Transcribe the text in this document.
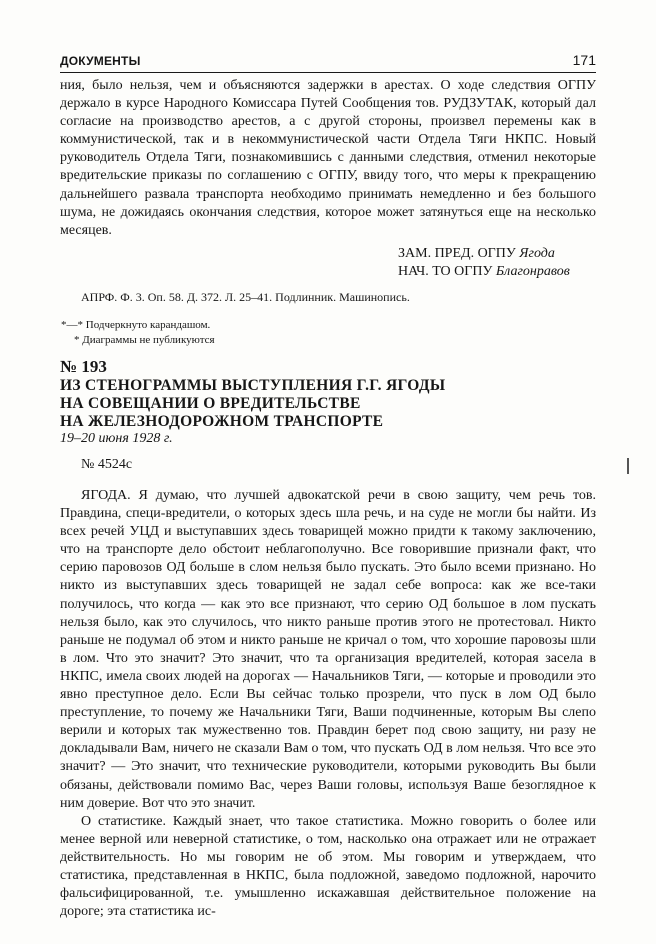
ДОКУМЕНТЫ	171

ния, было нельзя, чем и объясняются задержки в арестах. О ходе следствия ОГПУ держало в курсе Народного Комиссара Путей Сообщения тов. РУДЗУТАК, который дал согласие на производство арестов, а с другой стороны, произвел перемены как в коммунистической, так и в некоммунистической части Отдела Тяги НКПС. Новый руководитель Отдела Тяги, познакомившись с данными следствия, отменил некоторые вредительские приказы по соглашению с ОГПУ, ввиду того, что меры к прекращению дальнейшего развала транспорта необходимо принимать немедленно и без большого шума, не дожидаясь окончания следствия, которое может затянуться еще на несколько месяцев.

ЗАМ. ПРЕД. ОГПУ Ягода
НАЧ. ТО ОГПУ Благонравов
АПРФ. Ф. 3. Оп. 58. Д. 372. Л. 25–41. Подлинник. Машинопись.
*—* Подчеркнуто карандашом.
* Диаграммы не публикуются
№ 193
ИЗ СТЕНОГРАММЫ ВЫСТУПЛЕНИЯ Г.Г. ЯГОДЫ
НА СОВЕЩАНИИ О ВРЕДИТЕЛЬСТВЕ
НА ЖЕЛЕЗНОДОРОЖНОМ ТРАНСПОРТЕ
19–20 июня 1928 г.
№ 4524с

ЯГОДА. Я думаю, что лучшей адвокатской речи в свою защиту, чем речь тов. Правдина, специ-вредители, о которых здесь шла речь, и на суде не могли бы найти. Из всех речей УЦД и выступавших здесь товарищей можно придти к такому заключению, что на транспорте дело обстоит неблагополучно. Все говорившие признали факт, что серию паровозов ОД больше в слом нельзя было пускать. Это было всеми признано. Но никто из выступавших здесь товарищей не задал себе вопроса: как же все-таки получилось, что когда — как это все признают, что серию ОД большое в лом пускать нельзя было, как это случилось, что никто раньше против этого не протестовал. Никто раньше не подумал об этом и никто раньше не кричал о том, что хорошие паровозы шли в лом. Что это значит? Это значит, что та организация вредителей, которая засела в НКПС, имела своих людей на дорогах — Начальников Тяги, — которые и проводили это явно преступное дело. Если Вы сейчас только прозрели, что пуск в лом ОД было преступление, то почему же Начальники Тяги, Ваши подчиненные, которым Вы слепо верили и которых так мужественно тов. Правдин берет под свою защиту, ни разу не докладывали Вам, ничего не сказали Вам о том, что пускать ОД в лом нельзя. Что все это значит? — Это значит, что технические руководители, которыми руководить Вы были обязаны, действовали помимо Вас, через Ваши головы, используя Ваше безоглядное к ним доверие. Вот что это значит.

О статистике. Каждый знает, что такое статистика. Можно говорить о более или менее верной или неверной статистике, о том, насколько она отражает или не отражает действительность. Но мы говорим не об этом. Мы говорим и утверждаем, что статистика, представленная в НКПС, была подложной, заведомо подложной, нарочито фальсифицированной, т.е. умышленно искажавшая действительное положение на дороге; эта статистика ис-
